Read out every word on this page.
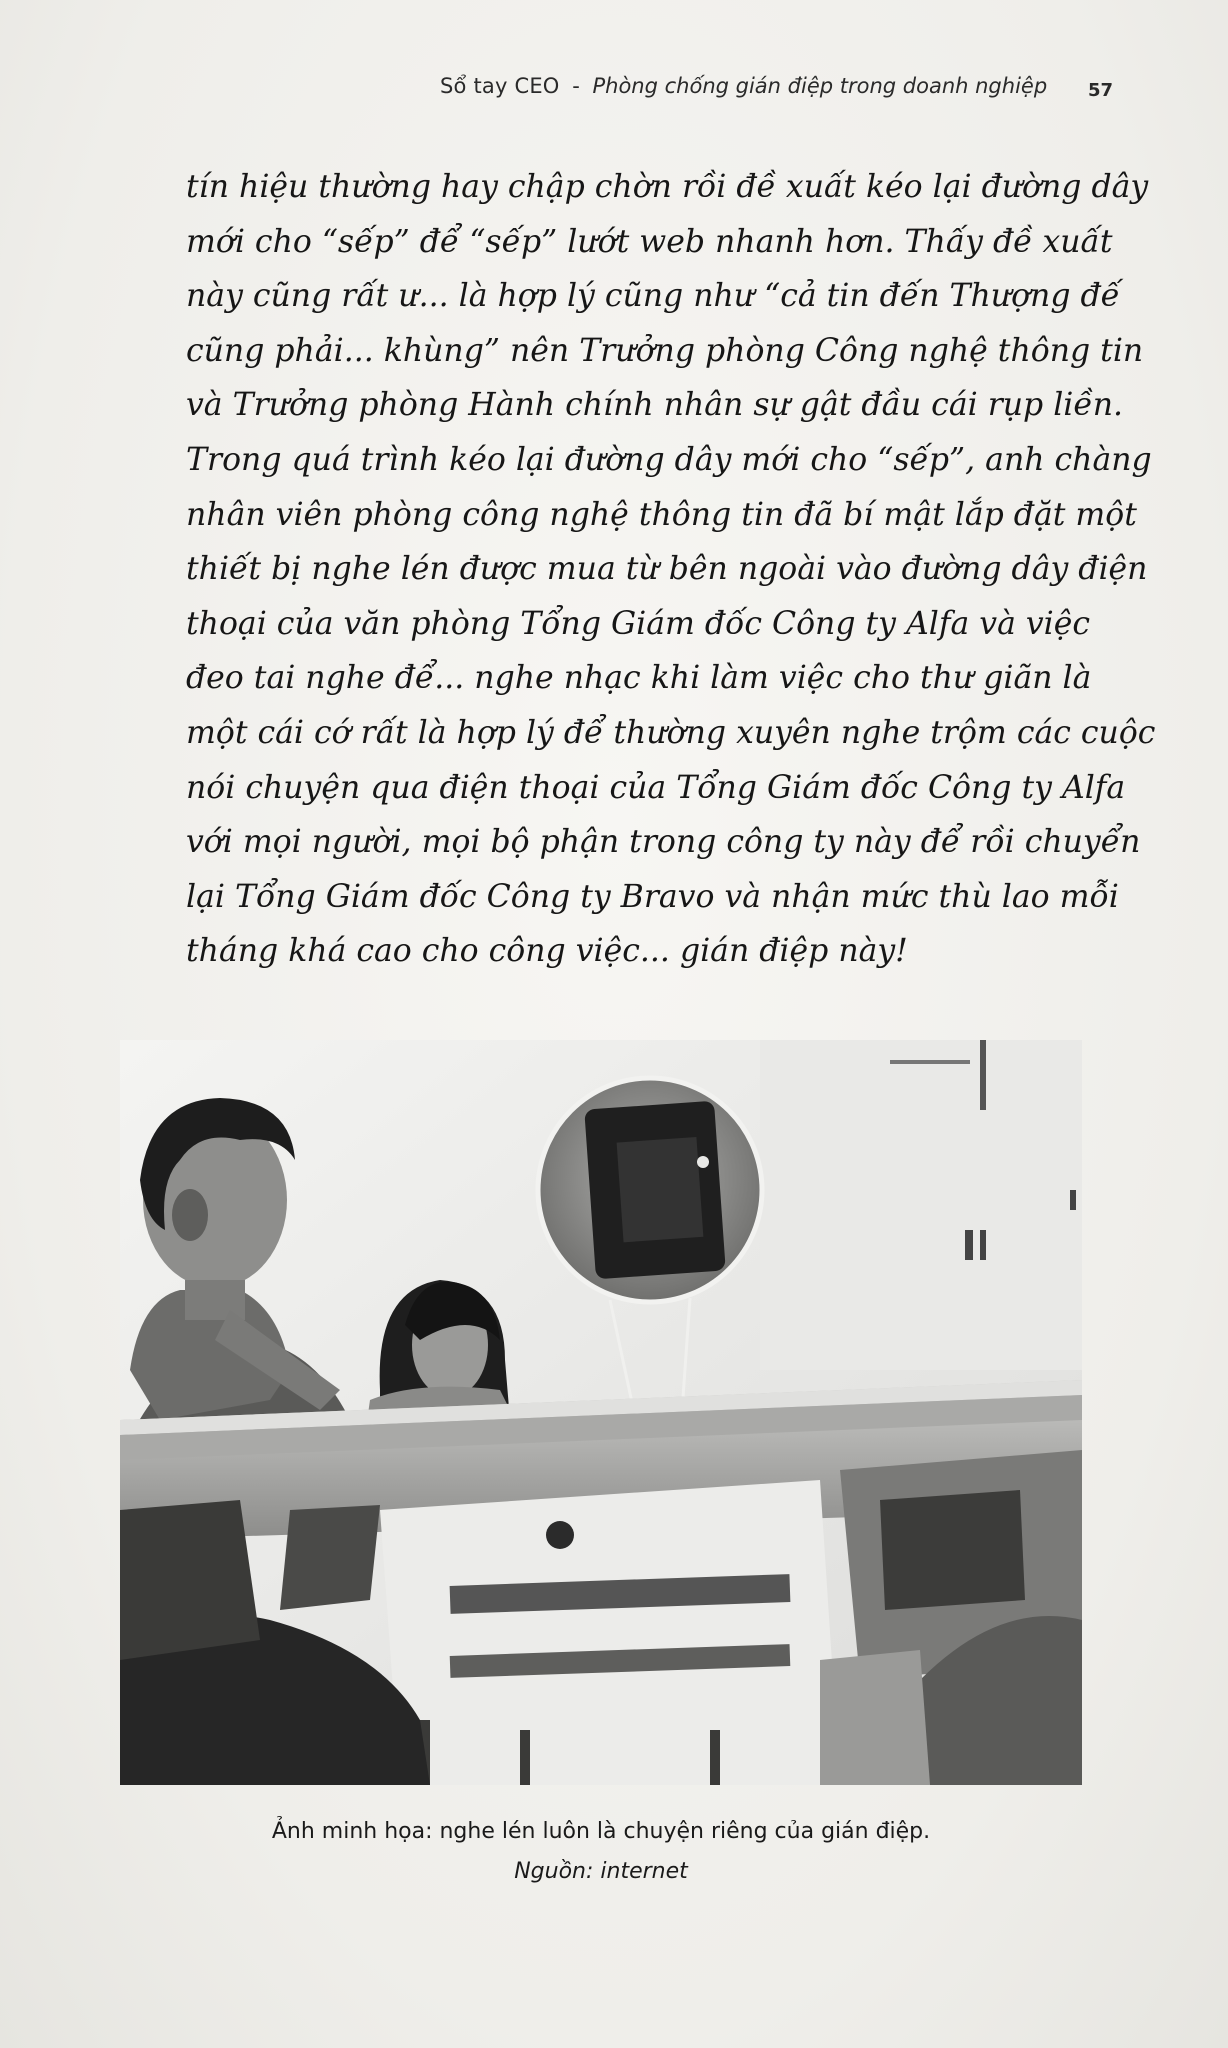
Sổ tay CEO - Phòng chống gián điệp trong doanh nghiệp	57
tín hiệu thường hay chập chờn rồi đề xuất kéo lại đường dây
mới cho “sếp” để “sếp” lướt web nhanh hơn. Thấy đề xuất
này cũng rất ư... là hợp lý cũng như “cả tin đến Thượng đế
cũng phải... khùng” nên Trưởng phòng Công nghệ thông tin
và Trưởng phòng Hành chính nhân sự gật đầu cái rụp liền.
Trong quá trình kéo lại đường dây mới cho “sếp”, anh chàng
nhân viên phòng công nghệ thông tin đã bí mật lắp đặt một
thiết bị nghe lén được mua từ bên ngoài vào đường dây điện
thoại của văn phòng Tổng Giám đốc Công ty Alfa và việc
đeo tai nghe để... nghe nhạc khi làm việc cho thư giãn là
một cái cớ rất là hợp lý để thường xuyên nghe trộm các cuộc
nói chuyện qua điện thoại của Tổng Giám đốc Công ty Alfa
với mọi người, mọi bộ phận trong công ty này để rồi chuyển
lại Tổng Giám đốc Công ty Bravo và nhận mức thù lao mỗi
tháng khá cao cho công việc... gián điệp này!
Ảnh minh họa: nghe lén luôn là chuyện riêng của gián điệp.
Nguồn: internet
